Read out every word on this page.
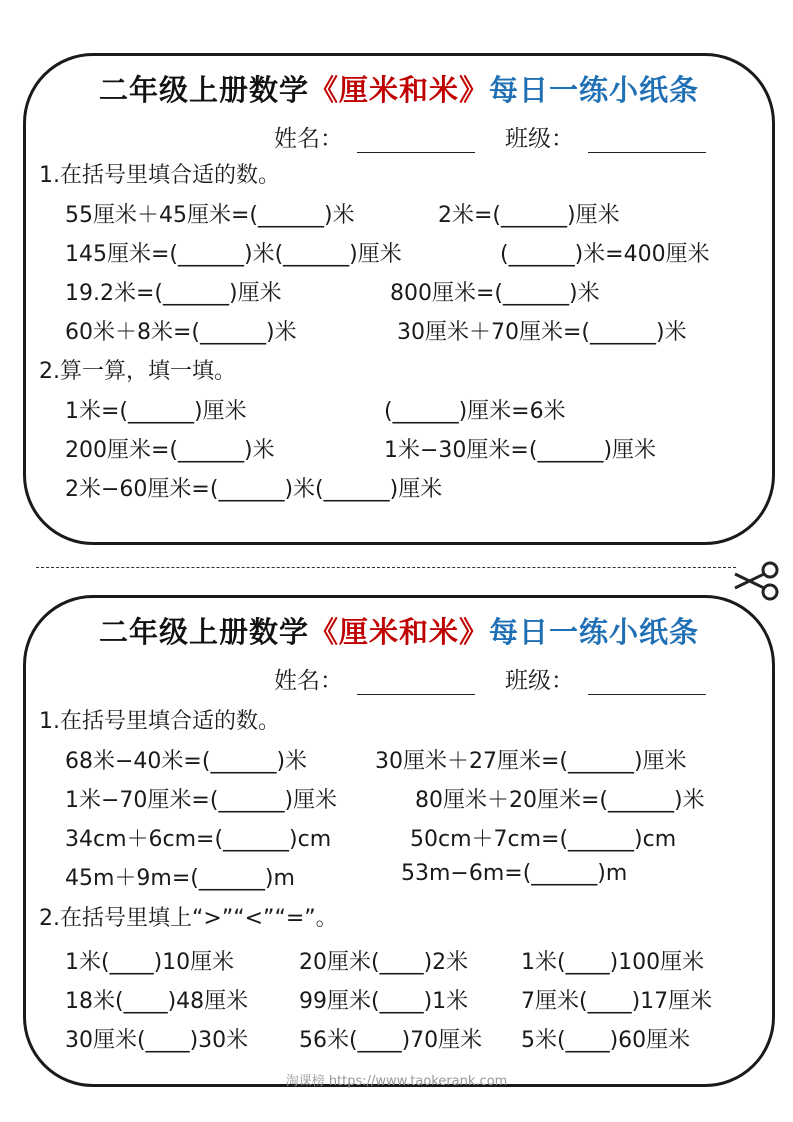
二年级上册数学《厘米和米》每日一练小纸条
姓名：	班级：
1.在括号里填合适的数。
55厘米＋45厘米=(______)米	2米=(______)厘米
145厘米=(______)米(______)厘米	(______)米=400厘米
19.2米=(______)厘米	800厘米=(______)米
60米＋8米=(______)米	30厘米＋70厘米=(______)米
2.算一算，填一填。
1米=(______)厘米	(______)厘米=6米
200厘米=(______)米	1米−30厘米=(______)厘米
2米−60厘米=(______)米(______)厘米
二年级上册数学《厘米和米》每日一练小纸条
姓名：	班级：
1.在括号里填合适的数。
68米−40米=(______)米	30厘米＋27厘米=(______)厘米
1米−70厘米=(______)厘米	80厘米＋20厘米=(______)米
34cm＋6cm=(______)cm	50cm＋7cm=(______)cm
45m＋9m=(______)m	53m−6m=(______)m
2.在括号里填上“>”“<”“=”。
1米(____)10厘米	20厘米(____)2米 1米(____)100厘米
18米(____)48厘米 99厘米(____)1米 7厘米(____)17厘米
30厘米(____)30米 56米(____)70厘米 5米(____)60厘米
淘课榜 https://www.taokerank.com
